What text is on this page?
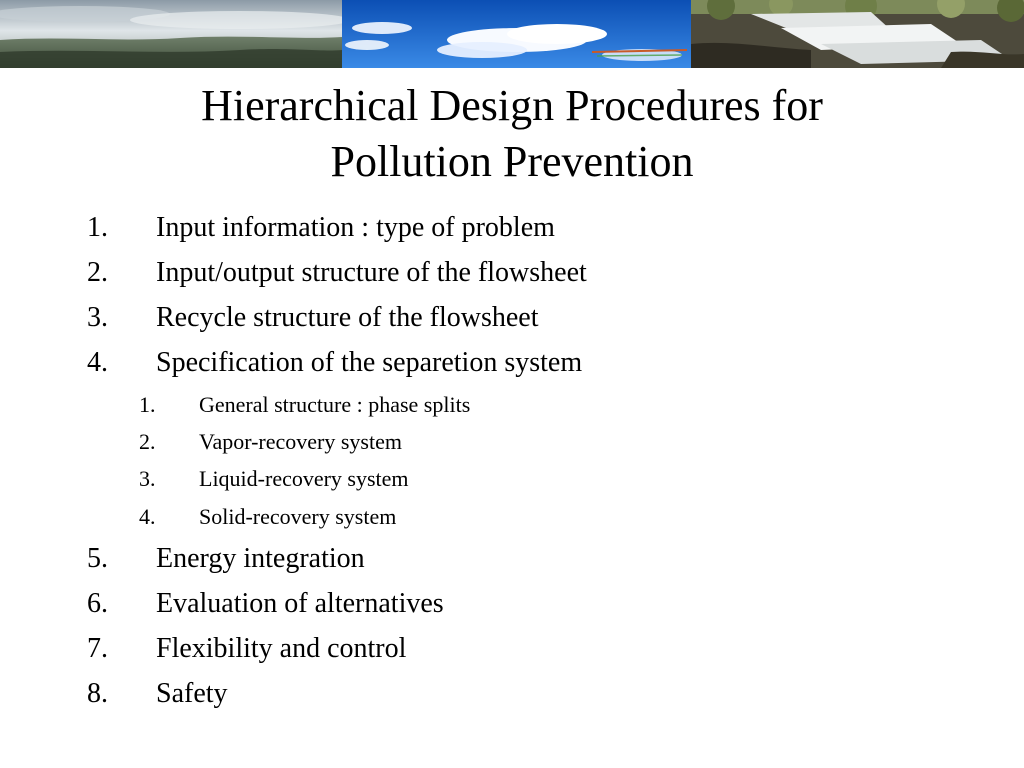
Hierarchical Design Procedures for
Pollution Prevention
1. Input information : type of problem
2. Input/output structure of the flowsheet
3. Recycle structure of the flowsheet
4. Specification of the separetion system
1. General structure : phase splits
2. Vapor-recovery system
3. Liquid-recovery system
4. Solid-recovery system
5. Energy integration
6. Evaluation of alternatives
7. Flexibility and control
8. Safety
